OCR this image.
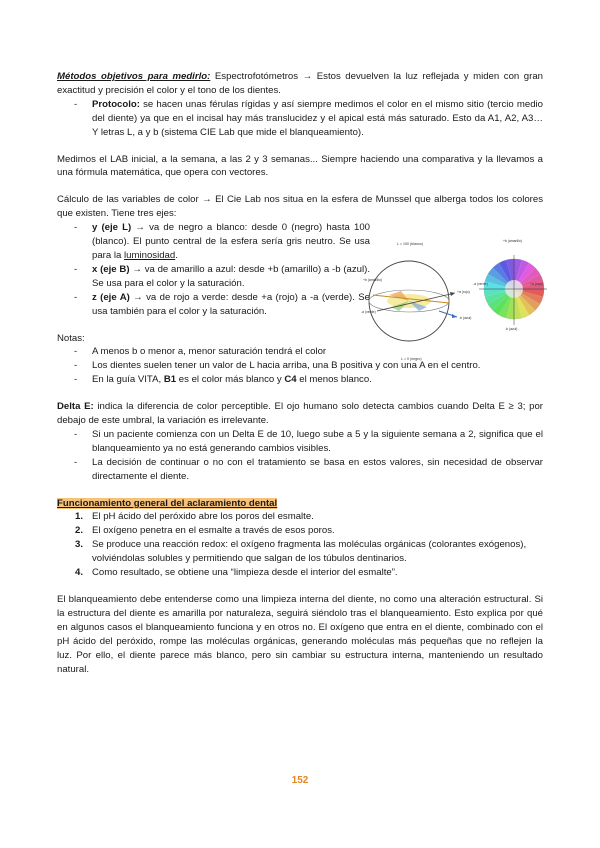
Métodos objetivos para medirlo: Espectrofotómetros → Estos devuelven la luz reflejada y miden con gran exactitud y precisión el color y el tono de los dientes.

- Protocolo: se hacen unas férulas rígidas y así siempre medimos el color en el mismo sitio (tercio medio del diente) ya que en el incisal hay más translucidez y el apical está más saturado. Esto da A1, A2, A3… Y letras L, a y b (sistema CIE Lab que mide el blanqueamiento).

Medimos el LAB inicial, a la semana, a las 2 y 3 semanas... Siempre haciendo una comparativa y la llevamos a una fórmula matemática, que opera con vectores.

Cálculo de las variables de color → El Cie Lab nos situa en la esfera de Munssel que alberga todos los colores que existen. Tiene tres ejes:

- y (eje L) → va de negro a blanco: desde 0 (negro) hasta 100 (blanco). El punto central de la esfera sería gris neutro. Se usa para la luminosidad.
- x (eje B) → va de amarillo a azul: desde +b (amarillo) a -b (azul). Se usa para el color y la saturación.
- z (eje A) → va de rojo a verde: desde +a (rojo) a -a (verde). Se usa también para el color y la saturación.
L = 100 (blanco)
L = 0 (negro)
+b (amarillo)
-a (verde)
+a (rojo)
-b (azul)
+b (amarillo)
-a (verde)	+a (rojo)
-b (azul)

Notas:

- A menos b o menor a, menor saturación tendrá el color
- Los dientes suelen tener un valor de L hacia arriba, una B positiva y con una A en el centro.
- En la guía VITA, B1 es el color más blanco y C4 el menos blanco.

Delta E: indica la diferencia de color perceptible. El ojo humano solo detecta cambios cuando Delta E ≥ 3; por debajo de este umbral, la variación es irrelevante.

- Si un paciente comienza con un Delta E de 10, luego sube a 5 y la siguiente semana a 2, significa que el blanqueamiento ya no está generando cambios visibles.
- La decisión de continuar o no con el tratamiento se basa en estos valores, sin necesidad de observar directamente el diente.

Funcionamiento general del aclaramiento dental

1. El pH ácido del peróxido abre los poros del esmalte.
2. El oxígeno penetra en el esmalte a través de esos poros.
3. Se produce una reacción redox: el oxígeno fragmenta las moléculas orgánicas (colorantes exógenos), volviéndolas solubles y permitiendo que salgan de los túbulos dentinarios.
4. Como resultado, se obtiene una “limpieza desde el interior del esmalte”.

El blanqueamiento debe entenderse como una limpieza interna del diente, no como una alteración estructural. Si la estructura del diente es amarilla por naturaleza, seguirá siéndolo tras el blanqueamiento. Esto explica por qué en algunos casos el blanqueamiento funciona y en otros no. El oxígeno que entra en el diente, combinado con el pH ácido del peróxido, rompe las moléculas orgánicas, generando moléculas más pequeñas que no reflejen la luz. Por ello, el diente parece más blanco, pero sin cambiar su estructura interna, manteniendo un resultado natural.

152
